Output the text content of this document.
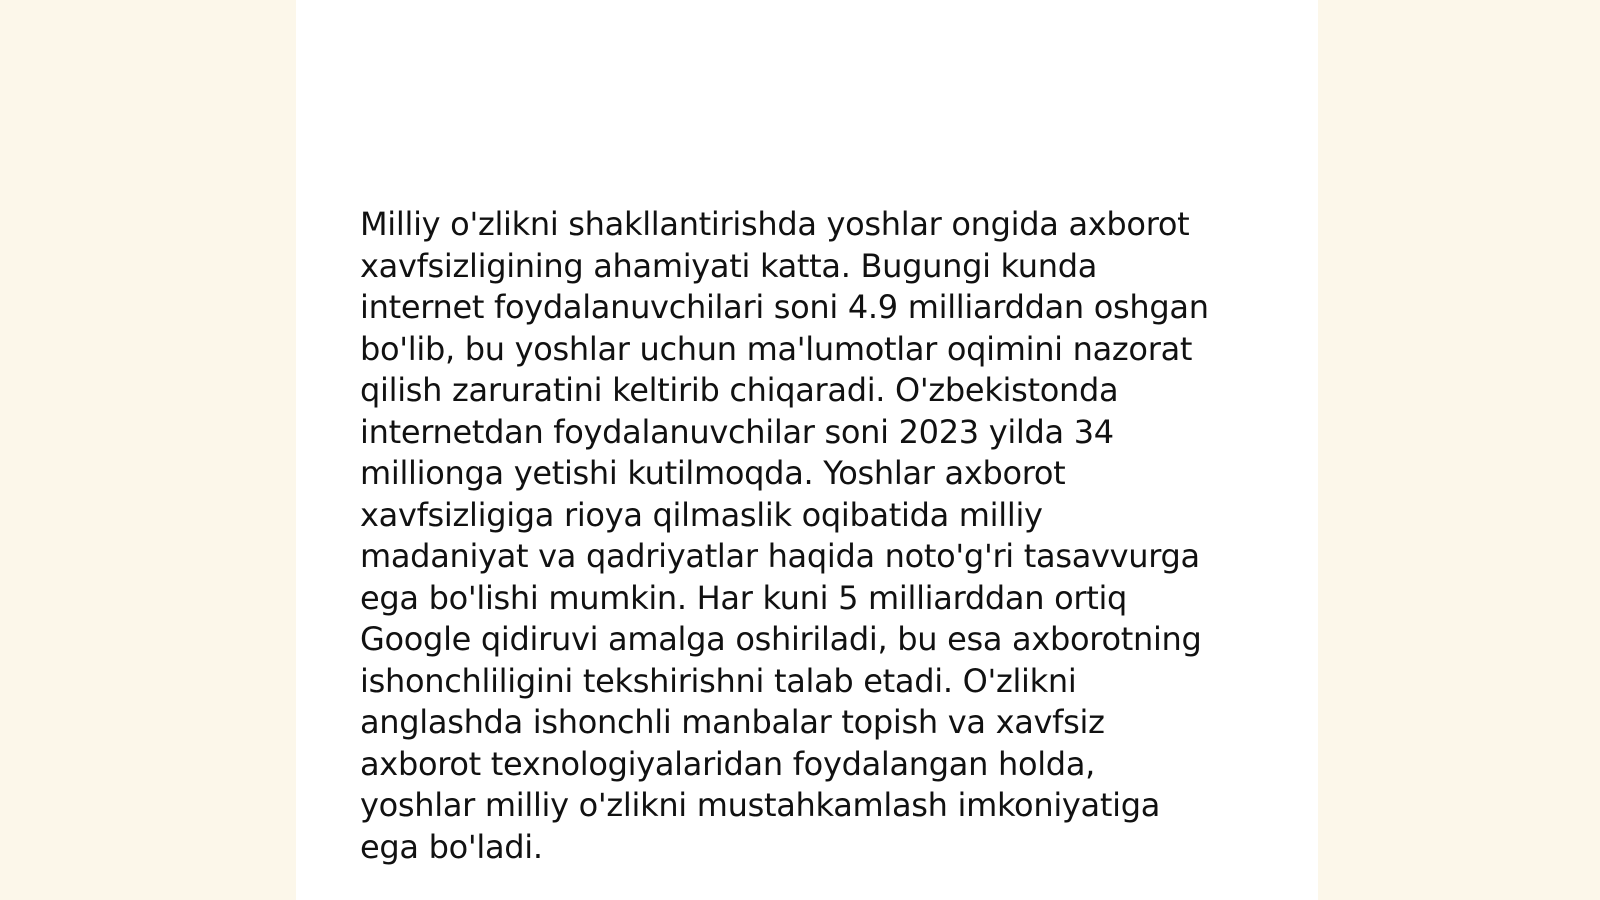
Milliy o'zlikni shakllantirishda yoshlar ongida axborot
xavfsizligining ahamiyati katta. Bugungi kunda
internet foydalanuvchilari soni 4.9 milliarddan oshgan
bo'lib, bu yoshlar uchun ma'lumotlar oqimini nazorat
qilish zaruratini keltirib chiqaradi. O'zbekistonda
internetdan foydalanuvchilar soni 2023 yilda 34
millionga yetishi kutilmoqda. Yoshlar axborot
xavfsizligiga rioya qilmaslik oqibatida milliy
madaniyat va qadriyatlar haqida noto'g'ri tasavvurga
ega bo'lishi mumkin. Har kuni 5 milliarddan ortiq
Google qidiruvi amalga oshiriladi, bu esa axborotning
ishonchliligini tekshirishni talab etadi. O'zlikni
anglashda ishonchli manbalar topish va xavfsiz
axborot texnologiyalaridan foydalangan holda,
yoshlar milliy o'zlikni mustahkamlash imkoniyatiga
ega bo'ladi.
